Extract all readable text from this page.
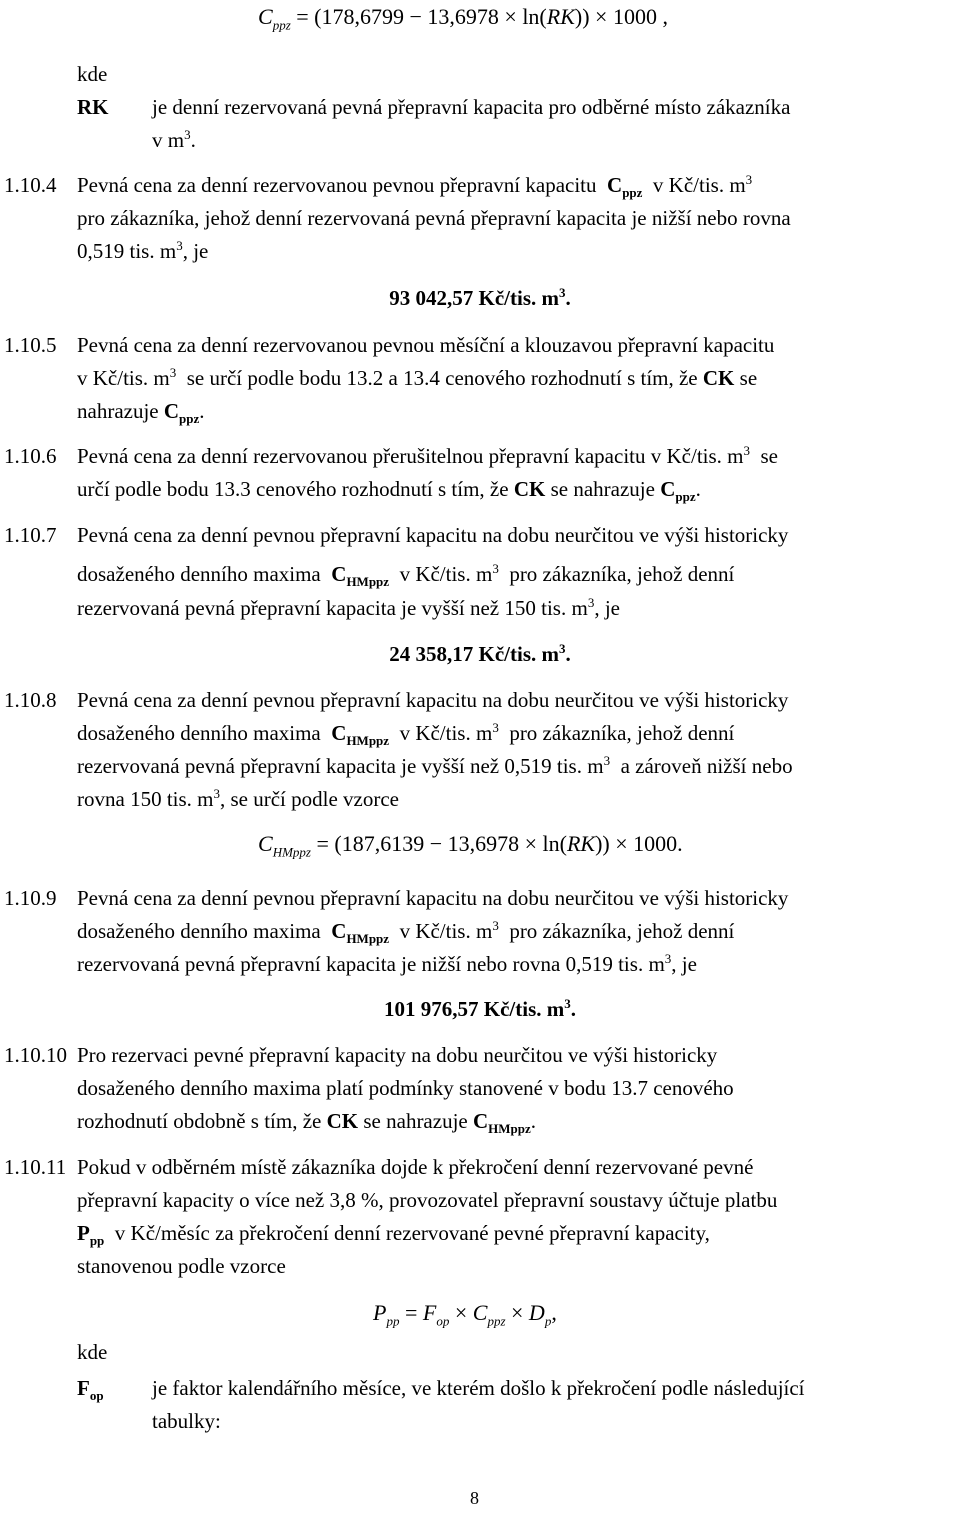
$C_{ppz} = (178,6799 - 13,6978 \times \ln(RK)) \times 1000$ ,
kde
RK je denní rezervovaná pevná přepravní kapacita pro odběrné místo zákazníka
v $m^3$.
1.10.4 Pevná cena za denní rezervovanou pevnou přepravní kapacitu $C_{ppz}$ v Kč/tis. $m^3$
pro zákazníka, jehož denní rezervovaná pevná přepravní kapacita je nižší nebo rovna
0,519 tis. $m^3$, je
93 042,57 Kč/tis. $m^3$.
1.10.5 Pevná cena za denní rezervovanou pevnou měsíční a klouzavou přepravní kapacitu
v Kč/tis. $m^3$ se určí podle bodu 13.2 a 13.4 cenového rozhodnutí s tím, že CK se
nahrazuje $C_{ppz}$.
1.10.6 Pevná cena za denní rezervovanou přerušitelnou přepravní kapacitu v Kč/tis. $m^3$ se
určí podle bodu 13.3 cenového rozhodnutí s tím, že CK se nahrazuje $C_{ppz}$.
1.10.7 Pevná cena za denní pevnou přepravní kapacitu na dobu neurčitou ve výši historicky
dosaženého denního maxima $C_{HMppz}$ v Kč/tis. $m^3$ pro zákazníka, jehož denní
rezervovaná pevná přepravní kapacita je vyšší než 150 tis. $m^3$, je
24 358,17 Kč/tis. $m^3$.
1.10.8 Pevná cena za denní pevnou přepravní kapacitu na dobu neurčitou ve výši historicky
dosaženého denního maxima $C_{HMppz}$ v Kč/tis. $m^3$ pro zákazníka, jehož denní
rezervovaná pevná přepravní kapacita je vyšší než 0,519 tis. $m^3$ a zároveň nižší nebo
rovna 150 tis. $m^3$, se určí podle vzorce
$C_{HMppz} = (187,6139 - 13,6978 \times \ln(RK)) \times 1000$.
1.10.9 Pevná cena za denní pevnou přepravní kapacitu na dobu neurčitou ve výši historicky
dosaženého denního maxima $C_{HMppz}$ v Kč/tis. $m^3$ pro zákazníka, jehož denní
rezervovaná pevná přepravní kapacita je nižší nebo rovna 0,519 tis. $m^3$, je
101 976,57 Kč/tis. $m^3$.
1.10.10 Pro rezervaci pevné přepravní kapacity na dobu neurčitou ve výši historicky
dosaženého denního maxima platí podmínky stanovené v bodu 13.7 cenového
rozhodnutí obdobně s tím, že CK se nahrazuje $C_{HMppz}$.
1.10.11 Pokud v odběrném místě zákazníka dojde k překročení denní rezervované pevné
přepravní kapacity o více než 3,8 %, provozovatel přepravní soustavy účtuje platbu
$P_{pp}$ v Kč/měsíc za překročení denní rezervované pevné přepravní kapacity,
stanovenou podle vzorce
$P_{pp} = F_{op} \times C_{ppz} \times D_p$,
kde
$F_{op}$ je faktor kalendářního měsíce, ve kterém došlo k překročení podle následující
tabulky:
8
